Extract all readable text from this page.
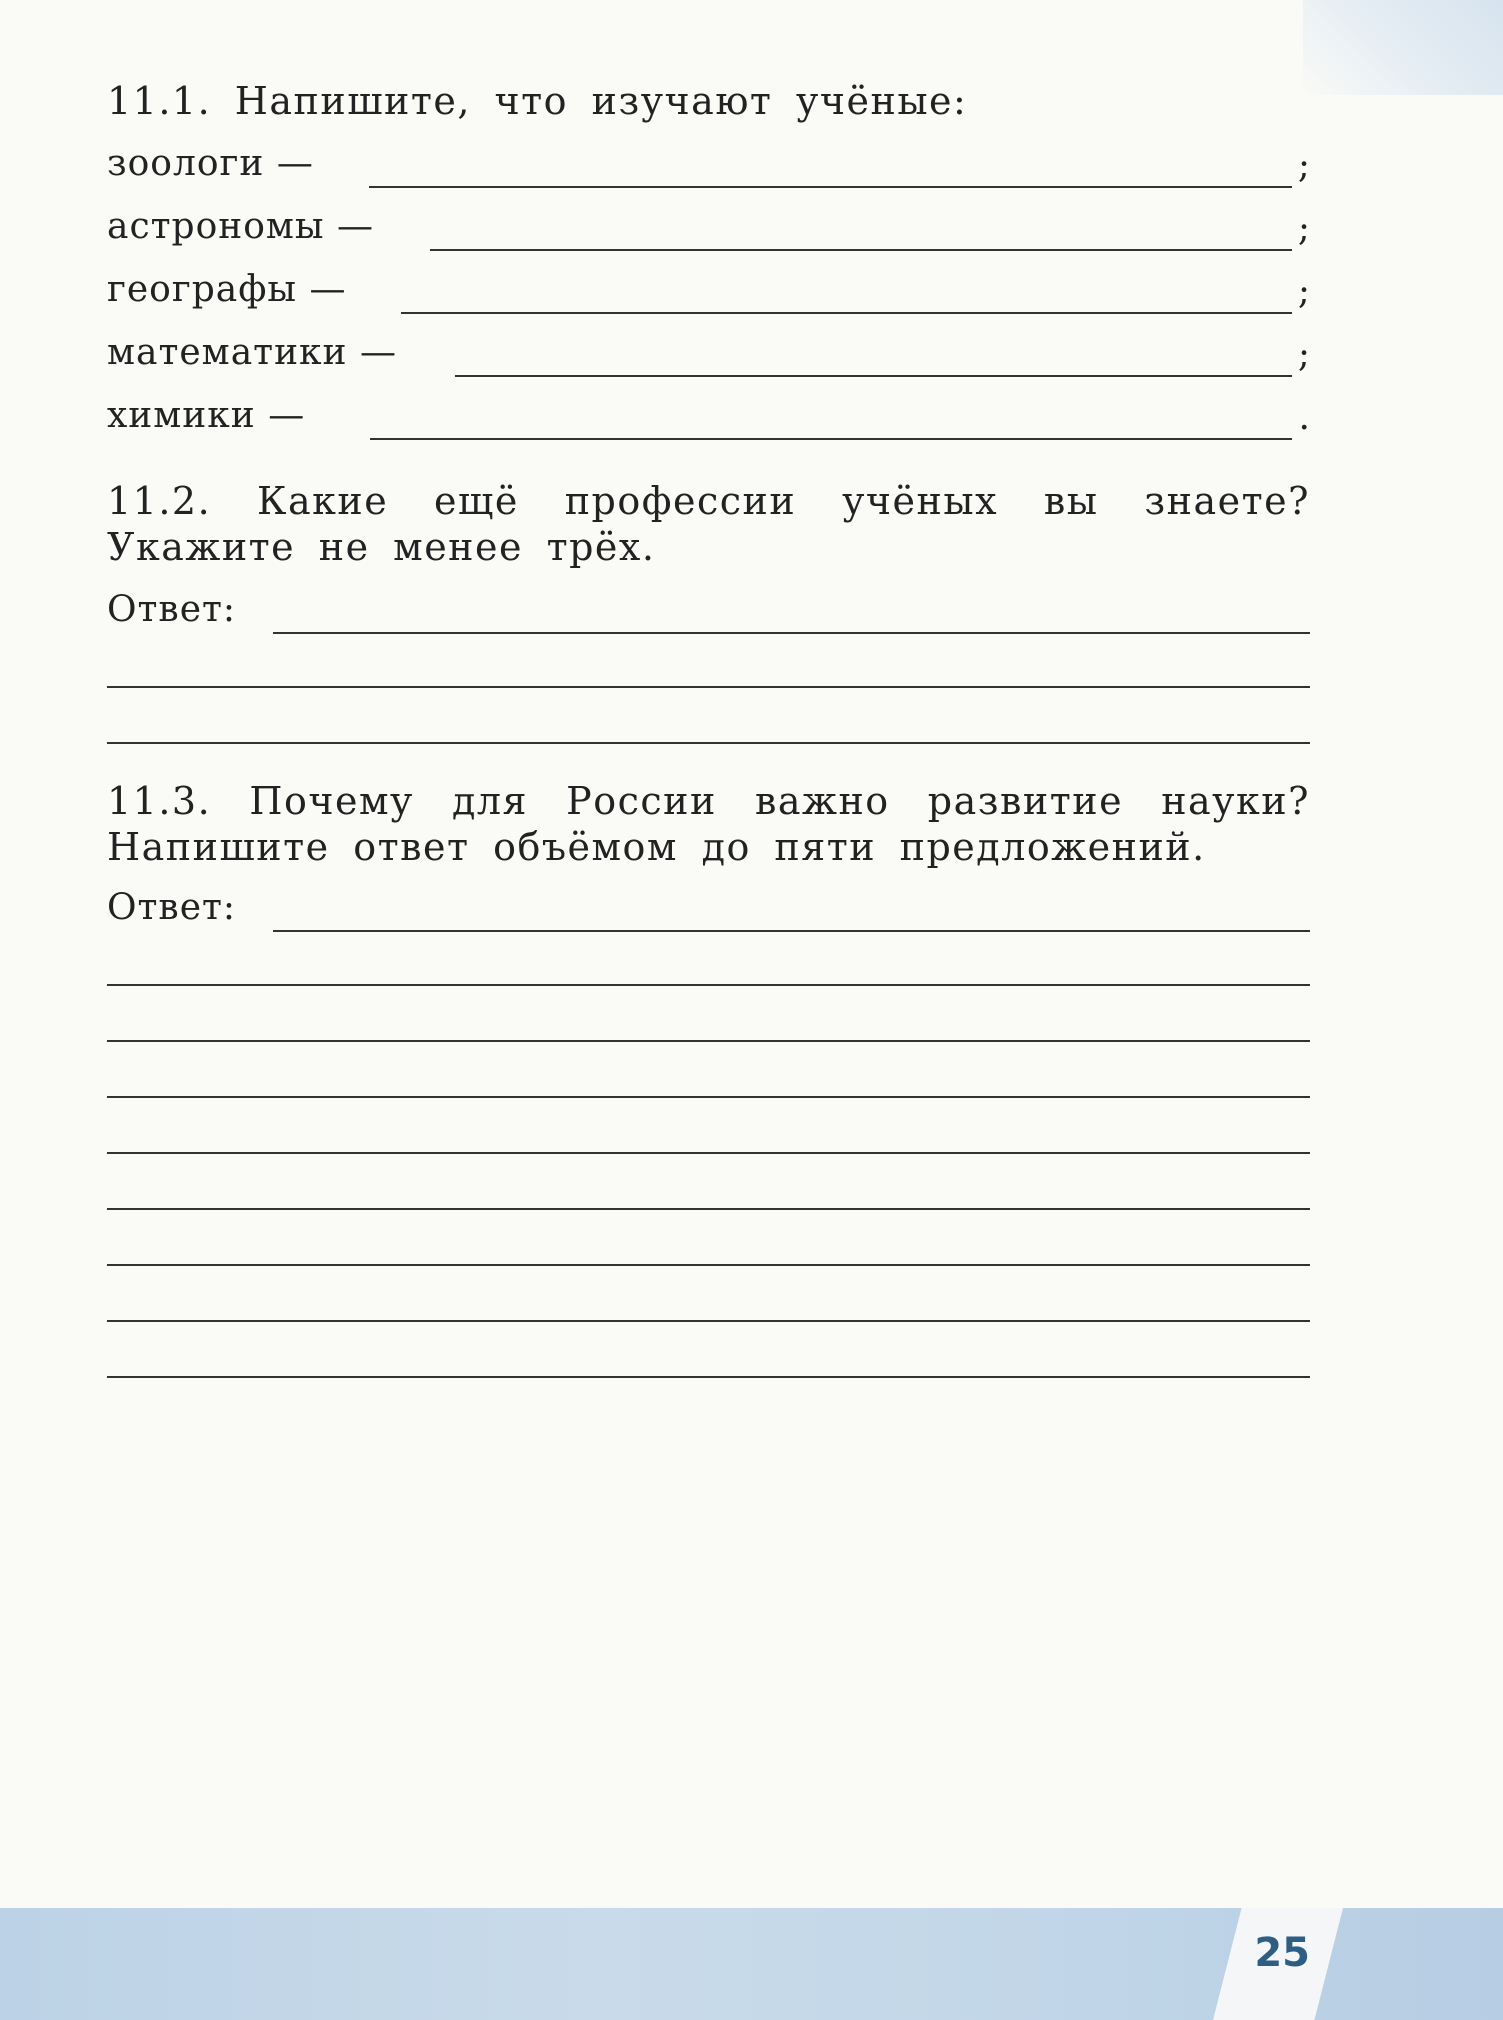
11.1. Напишите, что изучают учёные:

зоологи —	;
астрономы —	;
географы —	;
математики —	;
химики —	.

11.2. Какие ещё профессии учёных вы знаете? Укажите не менее трёх.

Ответ:

11.3. Почему для России важно развитие науки? Напишите ответ объёмом до пяти предложений.

Ответ:
25
